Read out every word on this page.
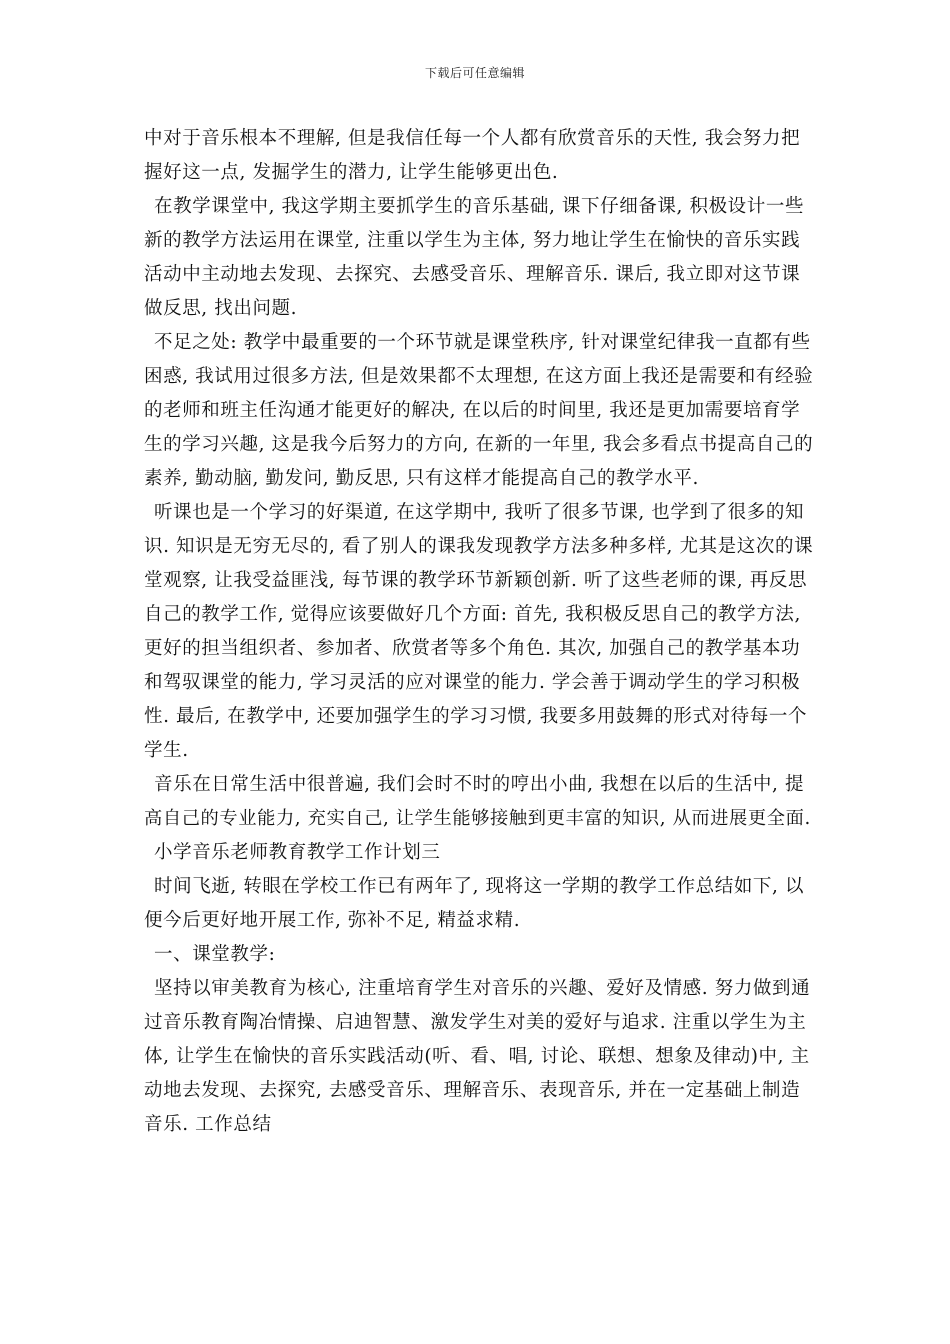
下载后可任意编辑
中对于音乐根本不理解, 但是我信任每一个人都有欣赏音乐的天性, 我会努力把
握好这一点, 发掘学生的潜力, 让学生能够更出色.
在教学课堂中, 我这学期主要抓学生的音乐基础, 课下仔细备课, 积极设计一些
新的教学方法运用在课堂, 注重以学生为主体, 努力地让学生在愉快的音乐实践
活动中主动地去发现、去探究、去感受音乐、理解音乐. 课后, 我立即对这节课
做反思, 找出问题.
不足之处: 教学中最重要的一个环节就是课堂秩序, 针对课堂纪律我一直都有些
困惑, 我试用过很多方法, 但是效果都不太理想, 在这方面上我还是需要和有经验
的老师和班主任沟通才能更好的解决, 在以后的时间里, 我还是更加需要培育学
生的学习兴趣, 这是我今后努力的方向, 在新的一年里, 我会多看点书提高自己的
素养, 勤动脑, 勤发问, 勤反思, 只有这样才能提高自己的教学水平.
听课也是一个学习的好渠道, 在这学期中, 我听了很多节课, 也学到了很多的知
识. 知识是无穷无尽的, 看了别人的课我发现教学方法多种多样, 尤其是这次的课
堂观察, 让我受益匪浅, 每节课的教学环节新颖创新. 听了这些老师的课, 再反思
自己的教学工作, 觉得应该要做好几个方面: 首先, 我积极反思自己的教学方法,
更好的担当组织者、参加者、欣赏者等多个角色. 其次, 加强自己的教学基本功
和驾驭课堂的能力, 学习灵活的应对课堂的能力. 学会善于调动学生的学习积极
性. 最后, 在教学中, 还要加强学生的学习习惯, 我要多用鼓舞的形式对待每一个
学生.
音乐在日常生活中很普遍, 我们会时不时的哼出小曲, 我想在以后的生活中, 提
高自己的专业能力, 充实自己, 让学生能够接触到更丰富的知识, 从而进展更全面.
小学音乐老师教育教学工作计划三
时间飞逝, 转眼在学校工作已有两年了, 现将这一学期的教学工作总结如下, 以
便今后更好地开展工作, 弥补不足, 精益求精.
一、课堂教学:
坚持以审美教育为核心, 注重培育学生对音乐的兴趣、爱好及情感. 努力做到通
过音乐教育陶冶情操、启迪智慧、激发学生对美的爱好与追求. 注重以学生为主
体, 让学生在愉快的音乐实践活动(听、看、唱, 讨论、联想、想象及律动)中, 主
动地去发现、去探究, 去感受音乐、理解音乐、表现音乐, 并在一定基础上制造
音乐. 工作总结
